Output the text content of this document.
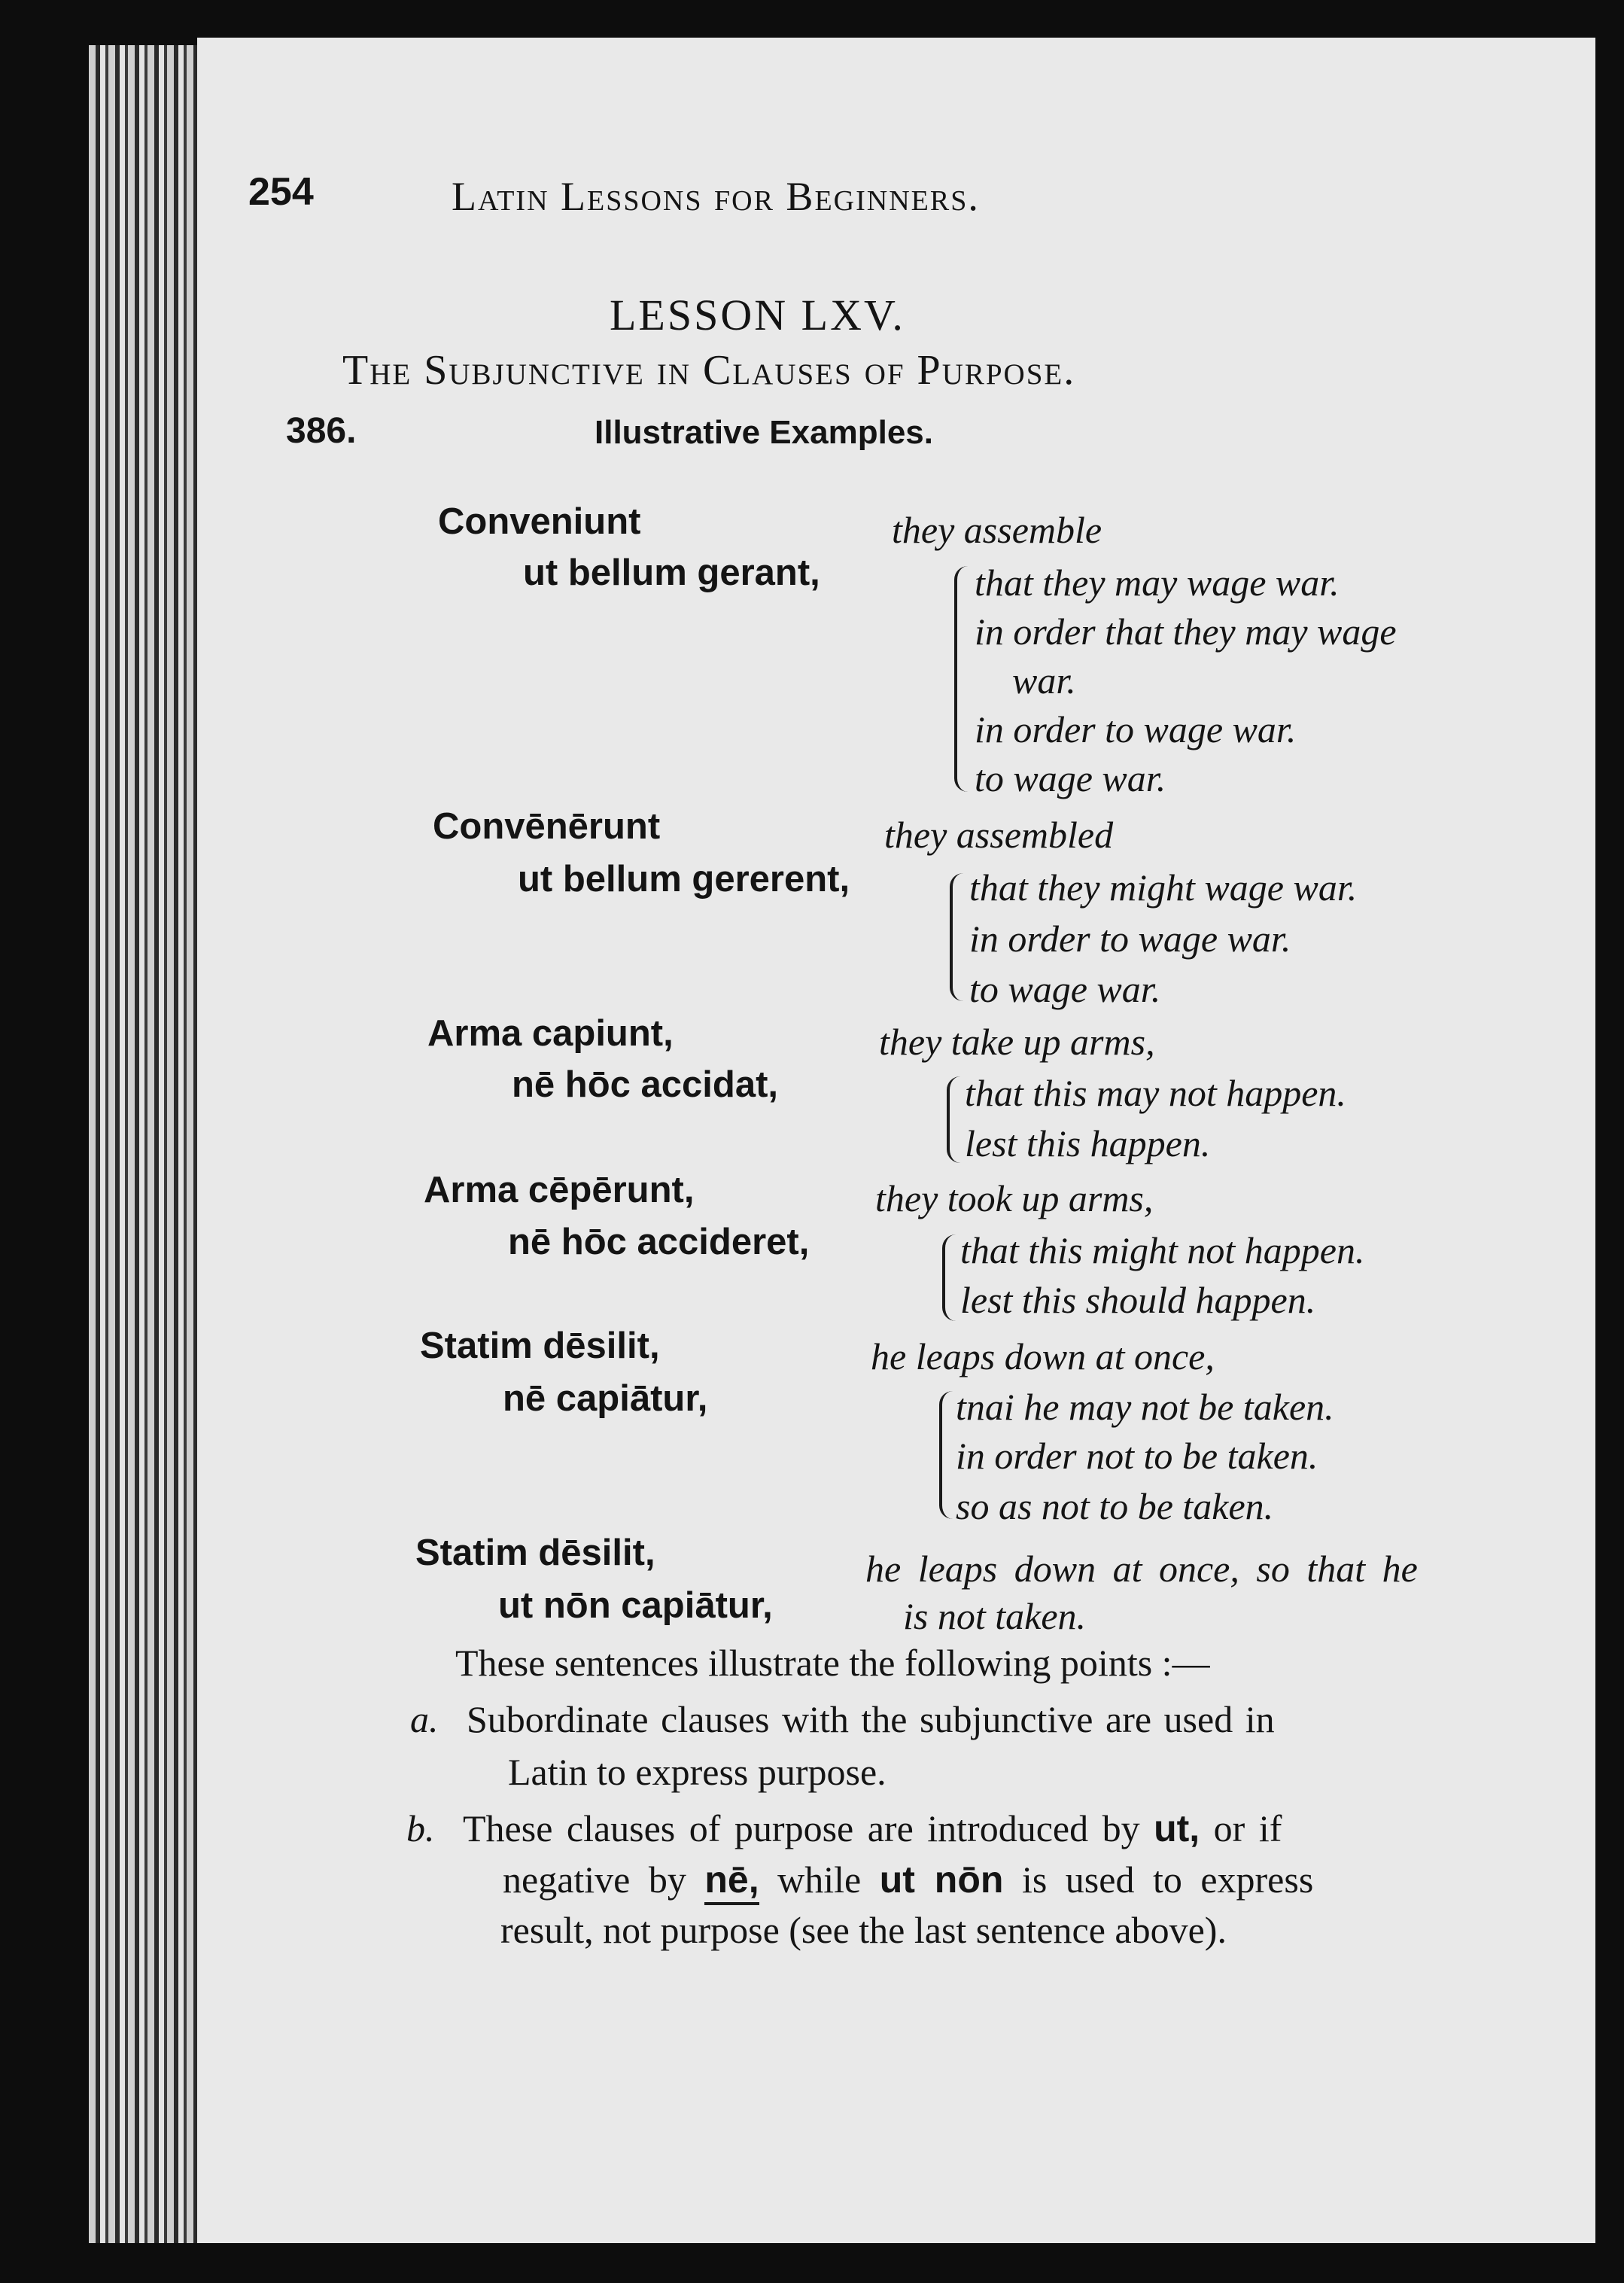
254	Latin Lessons for Beginners.
LESSON LXV.
The Subjunctive in Clauses of Purpose.
386.	Illustrative Examples.
Conveniunt
ut bellum gerant,
they assemble
that they may wage war.
in order that they may wage
war.
in order to wage war.
to wage war.
Convēnērunt
ut bellum gererent,
they assembled
that they might wage war.
in order to wage war.
to wage war.
Arma capiunt,
nē hōc accidat,
they take up arms,
that this may not happen.
lest this happen.
Arma cēpērunt,
nē hōc accideret,
they took up arms,
that this might not happen.
lest this should happen.
Statim dēsilit,
nē capiātur,
he leaps down at once,
tnai he may not be taken.
in order not to be taken.
so as not to be taken.
Statim dēsilit,
ut nōn capiātur,
he leaps down at once, so that he
is not taken.
These sentences illustrate the following points :—
a. Subordinate clauses with the subjunctive are used in
Latin to express purpose.
b. These clauses of purpose are introduced by ut, or if
negative by nē, while ut nōn is used to express
result, not purpose (see the last sentence above).
